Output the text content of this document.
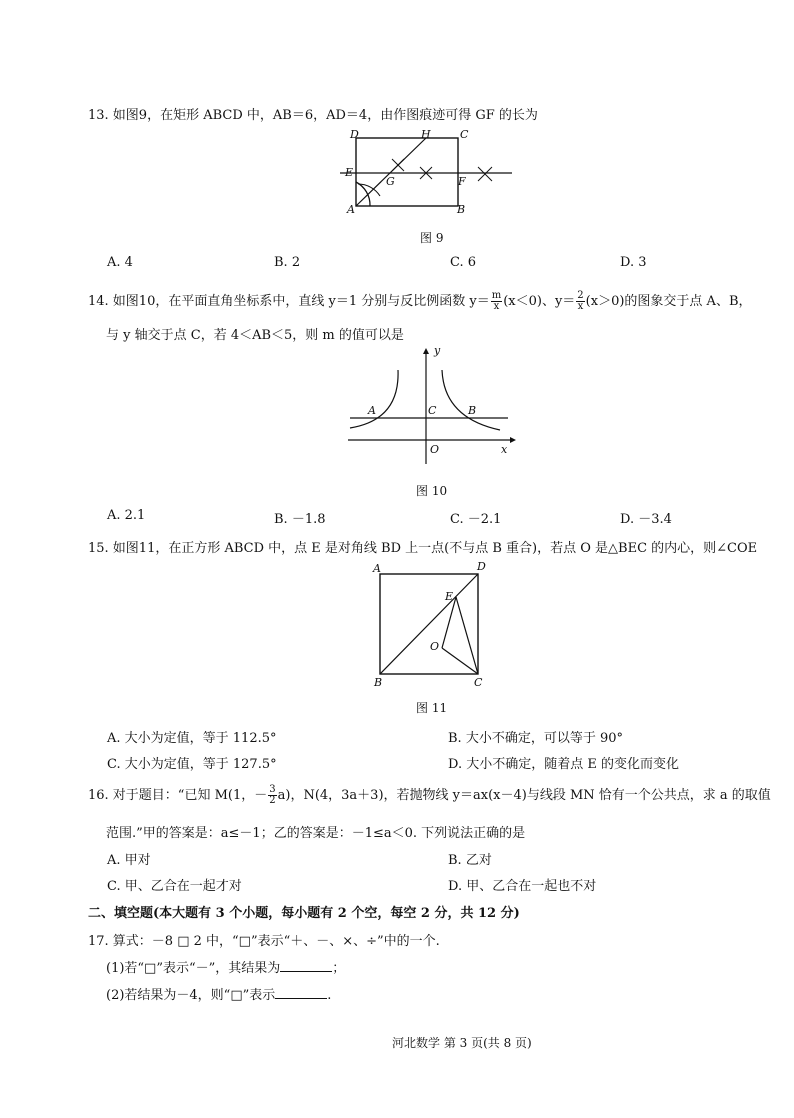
13. 如图9，在矩形 ABCD 中，AB＝6，AD＝4，由作图痕迹可得 GF 的长为
D	H	C
E
G	F
A	B
图 9
A. 4	B. 2	C. 6	D. 3
14. 如图10，在平面直角坐标系中，直线 y＝1 分别与反比例函数 $y= \frac{m}{x} (x<0)$、$y= \frac{2}{x} (x>0)$的图象交于点 A、B，
与 y 轴交于点 C，若 4＜AB＜5，则 m 的值可以是
y
A	C	B
O	x
图 10
A. 2.1	B. －1.8	C. －2.1	D. －3.4
15. 如图11，在正方形 ABCD 中，点 E 是对角线 BD 上一点(不与点 B 重合)，若点 O 是△BEC 的内心，则∠COE
A	D
E
O
B	C
图 11
A. 大小为定值，等于 112.5°	B. 大小不确定，可以等于 90°
C. 大小为定值，等于 127.5°	D. 大小不确定，随着点 E 的变化而变化
16. 对于题目：“已知 M(1，－ $\frac{3}{2} a$)，N(4，3a＋3)，若抛物线 y＝ax(x－4)与线段 MN 恰有一个公共点，求 a 的取值
范围.”甲的答案是：a≤－1；乙的答案是：－1≤a＜0. 下列说法正确的是
A. 甲对	B. 乙对
C. 甲、乙合在一起才对	D. 甲、乙合在一起也不对
二、填空题(本大题有 3 个小题，每小题有 2 个空，每空 2 分，共 12 分)
17. 算式：－8 □ 2 中，“□”表示“＋、－、×、÷”中的一个.
(1)若“□”表示“－”，其结果为	；
(2)若结果为－4，则“□”表示	.
河北数学 第 3 页(共 8 页)
